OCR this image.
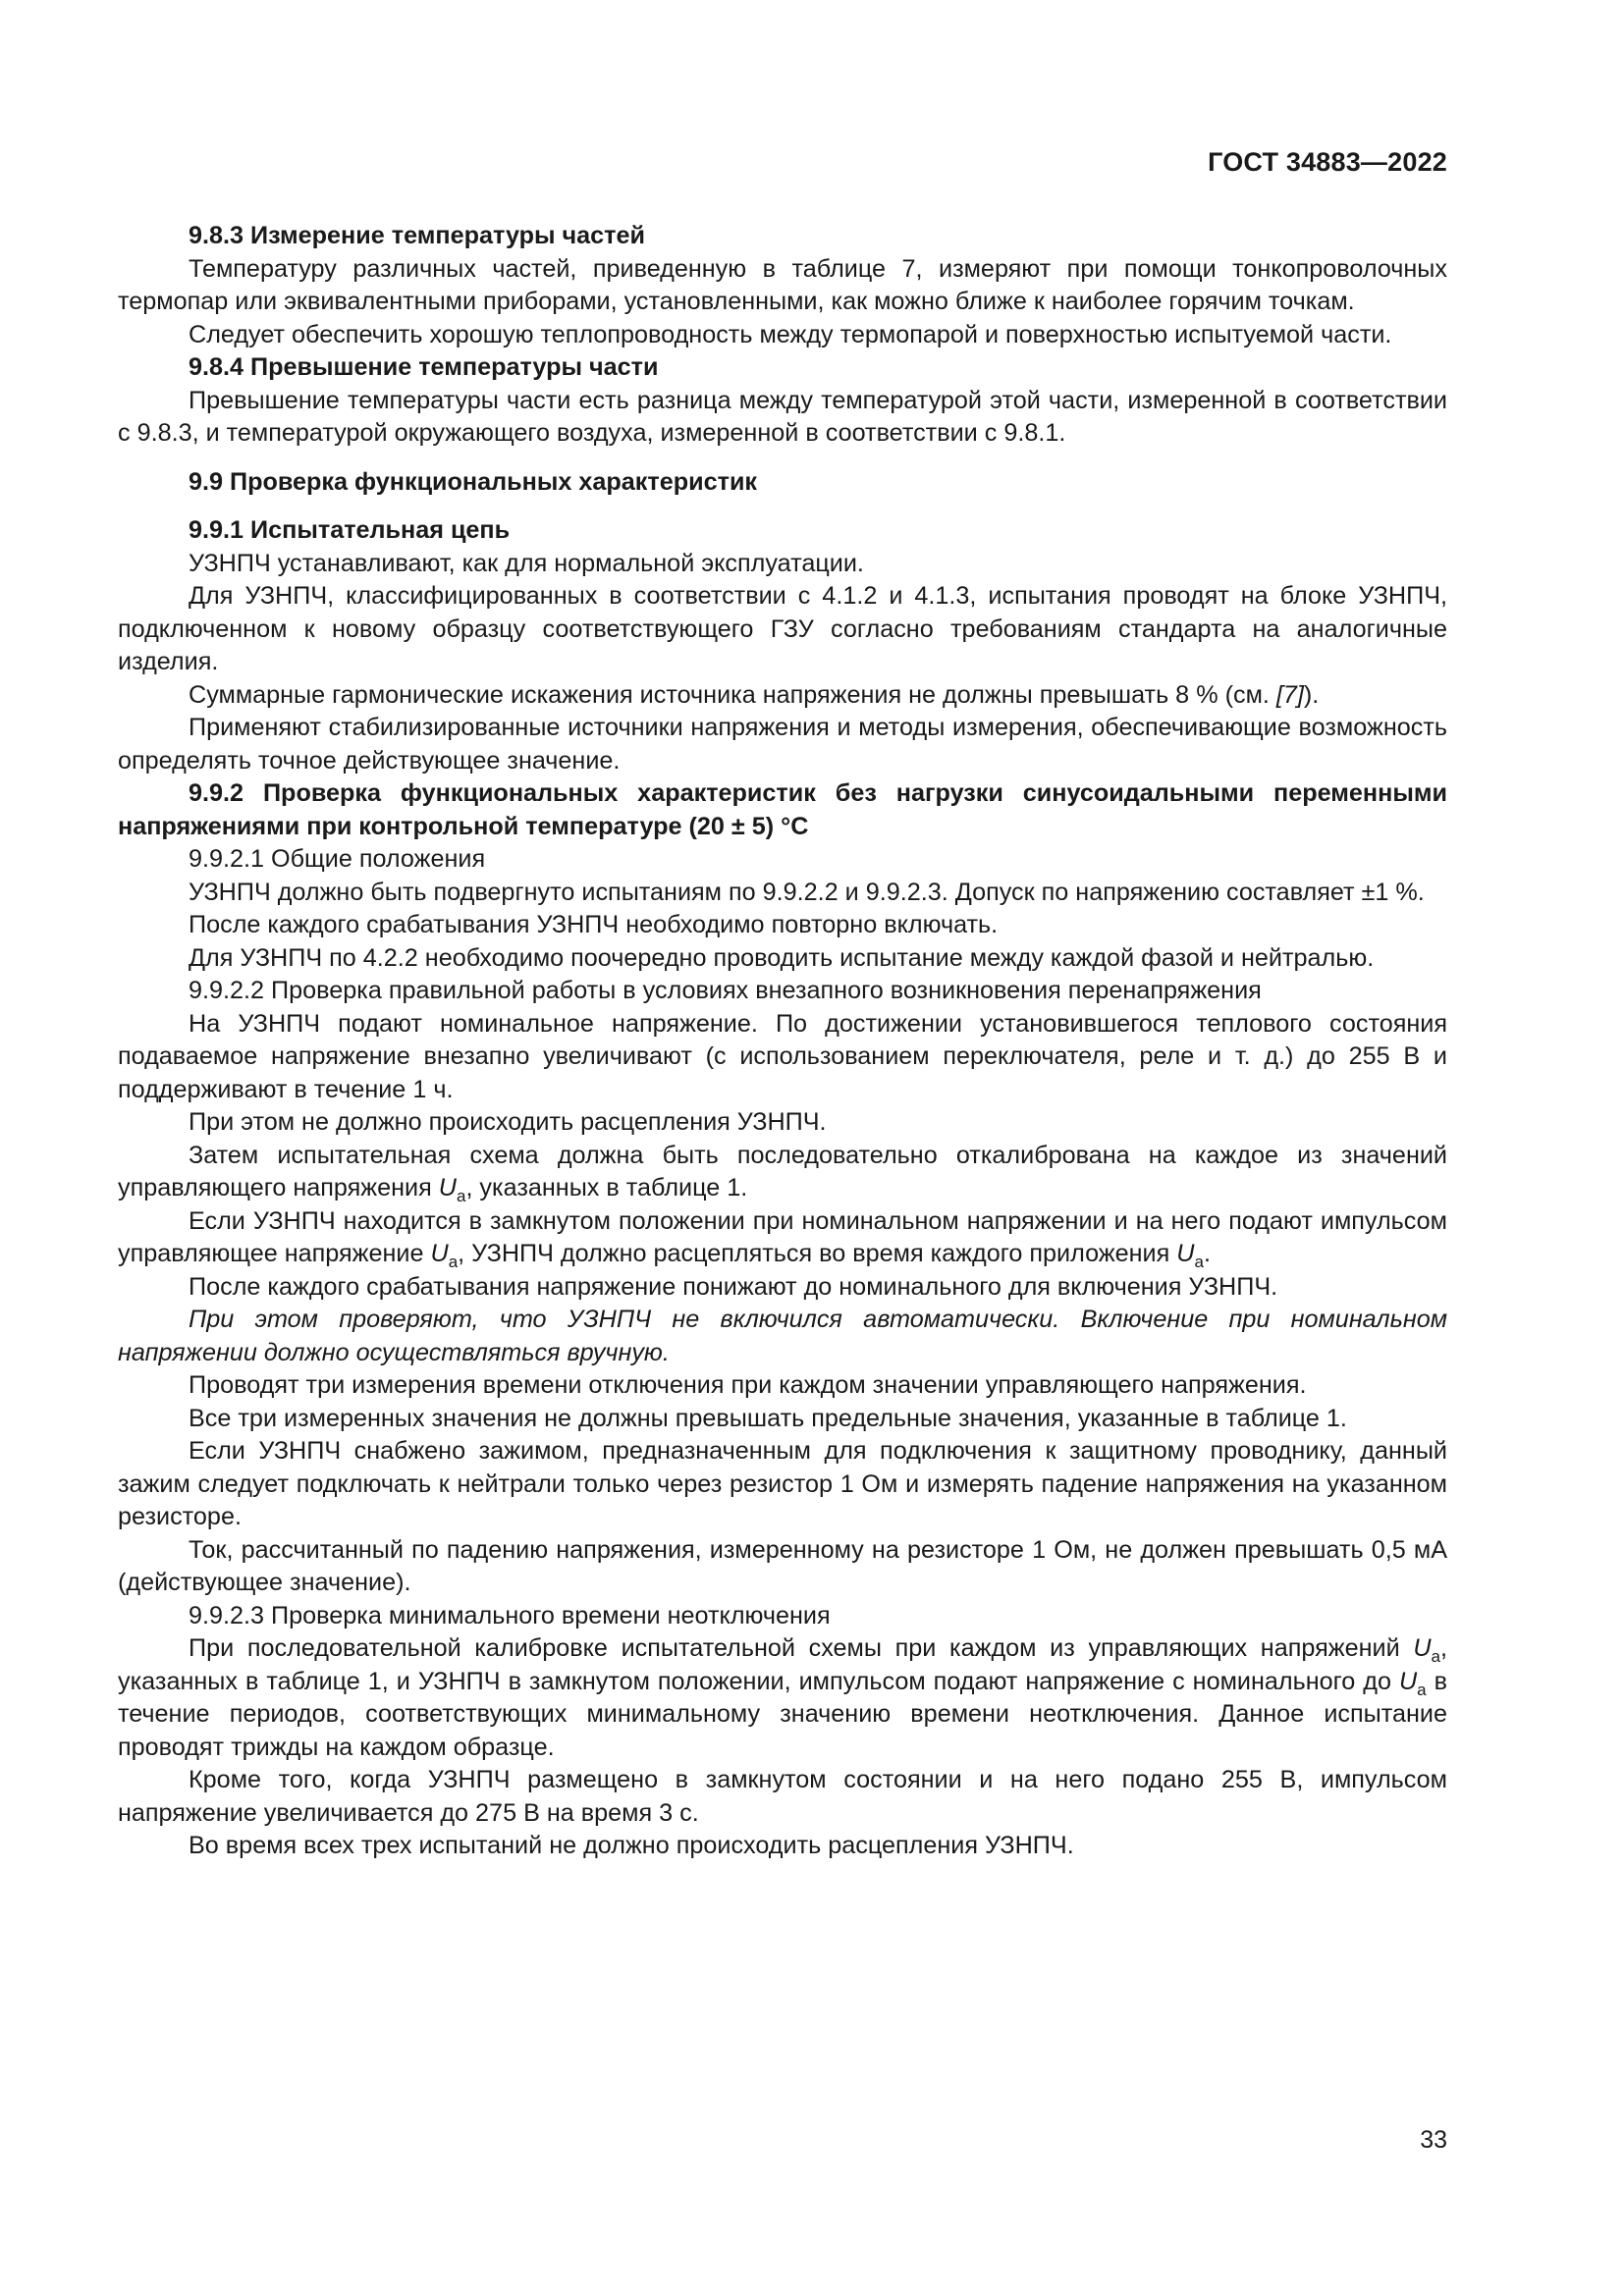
ГОСТ 34883—2022

9.8.3 Измерение температуры частей

Температуру различных частей, приведенную в таблице 7, измеряют при помощи тонкопроволочных термопар или эквивалентными приборами, установленными, как можно ближе к наиболее горячим точкам.

Следует обеспечить хорошую теплопроводность между термопарой и поверхностью испытуемой части.

9.8.4 Превышение температуры части

Превышение температуры части есть разница между температурой этой части, измеренной в соответствии с 9.8.3, и температурой окружающего воздуха, измеренной в соответствии с 9.8.1.

9.9 Проверка функциональных характеристик

9.9.1 Испытательная цепь

УЗНПЧ устанавливают, как для нормальной эксплуатации.

Для УЗНПЧ, классифицированных в соответствии с 4.1.2 и 4.1.3, испытания проводят на блоке УЗНПЧ, подключенном к новому образцу соответствующего ГЗУ согласно требованиям стандарта на аналогичные изделия.

Суммарные гармонические искажения источника напряжения не должны превышать 8 % (см. [7]).

Применяют стабилизированные источники напряжения и методы измерения, обеспечивающие возможность определять точное действующее значение.

9.9.2 Проверка функциональных характеристик без нагрузки синусоидальными переменными напряжениями при контрольной температуре (20 ± 5) °С

9.9.2.1 Общие положения

УЗНПЧ должно быть подвергнуто испытаниям по 9.9.2.2 и 9.9.2.3. Допуск по напряжению составляет ±1 %.

После каждого срабатывания УЗНПЧ необходимо повторно включать.

Для УЗНПЧ по 4.2.2 необходимо поочередно проводить испытание между каждой фазой и нейтралью.

9.9.2.2 Проверка правильной работы в условиях внезапного возникновения перенапряжения

На УЗНПЧ подают номинальное напряжение. По достижении установившегося теплового состояния подаваемое напряжение внезапно увеличивают (с использованием переключателя, реле и т. д.) до 255 В и поддерживают в течение 1 ч.

При этом не должно происходить расцепления УЗНПЧ.

Затем испытательная схема должна быть последовательно откалибрована на каждое из значений управляющего напряжения $U_a$, указанных в таблице 1.

Если УЗНПЧ находится в замкнутом положении при номинальном напряжении и на него подают импульсом управляющее напряжение $U_a$, УЗНПЧ должно расцепляться во время каждого приложения $U_a$.

После каждого срабатывания напряжение понижают до номинального для включения УЗНПЧ.

При этом проверяют, что УЗНПЧ не включился автоматически. Включение при номинальном напряжении должно осуществляться вручную.

Проводят три измерения времени отключения при каждом значении управляющего напряжения.

Все три измеренных значения не должны превышать предельные значения, указанные в таблице 1.

Если УЗНПЧ снабжено зажимом, предназначенным для подключения к защитному проводнику, данный зажим следует подключать к нейтрали только через резистор 1 Ом и измерять падение напряжения на указанном резисторе.

Ток, рассчитанный по падению напряжения, измеренному на резисторе 1 Ом, не должен превышать 0,5 мА (действующее значение).

9.9.2.3 Проверка минимального времени неотключения

При последовательной калибровке испытательной схемы при каждом из управляющих напряжений $U_a$, указанных в таблице 1, и УЗНПЧ в замкнутом положении, импульсом подают напряжение с номинального до $U_a$ в течение периодов, соответствующих минимальному значению времени неотключения. Данное испытание проводят трижды на каждом образце.

Кроме того, когда УЗНПЧ размещено в замкнутом состоянии и на него подано 255 В, импульсом напряжение увеличивается до 275 В на время 3 с.

Во время всех трех испытаний не должно происходить расцепления УЗНПЧ.

33
